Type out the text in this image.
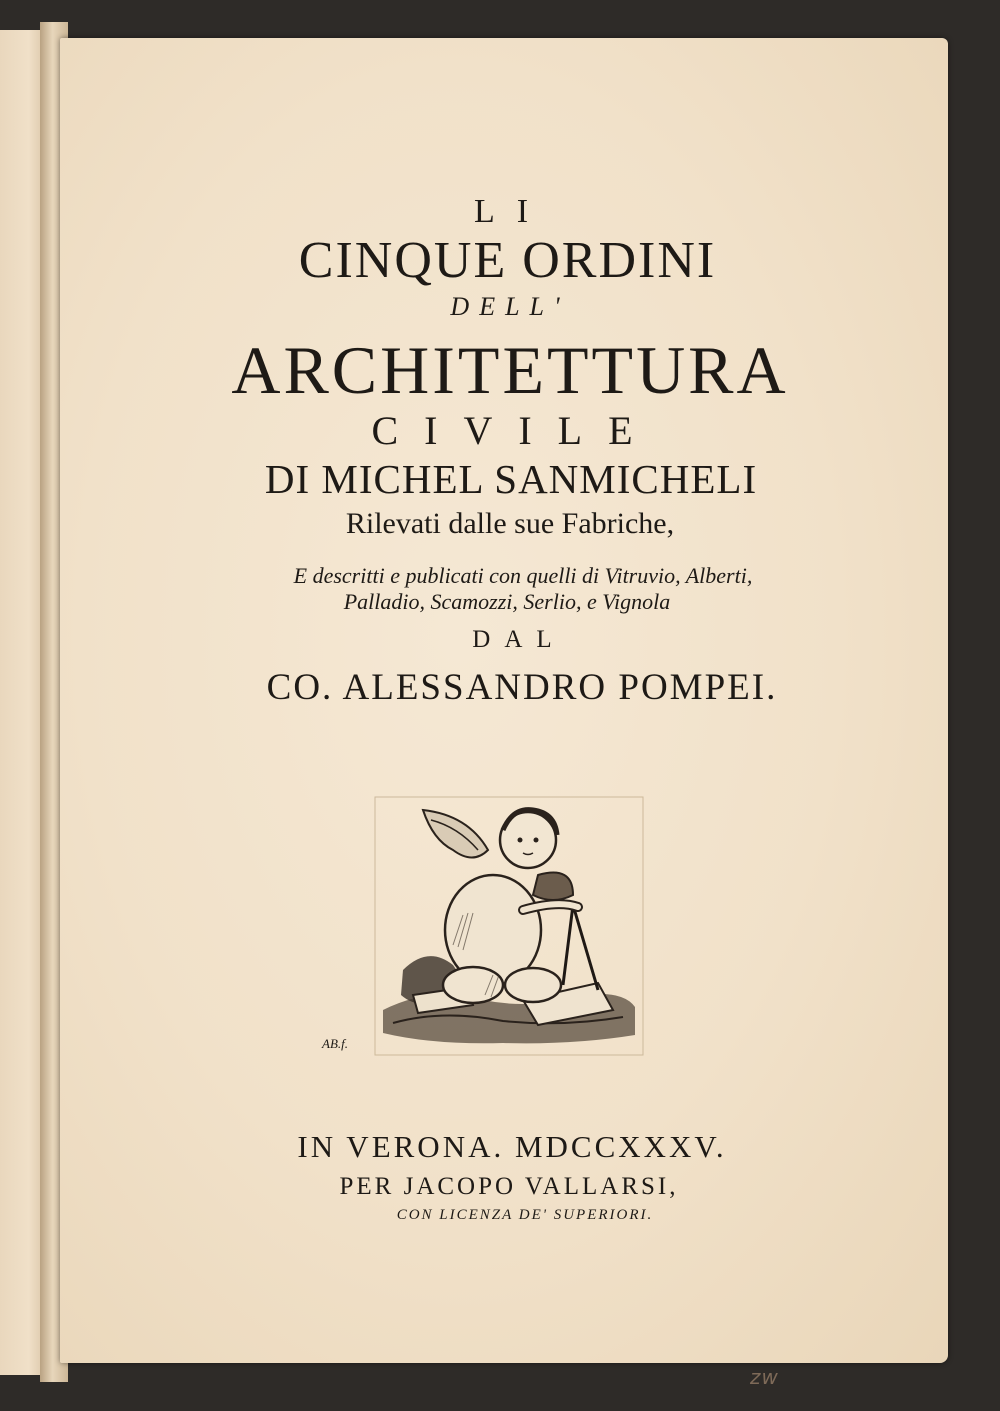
LI
CINQUE ORDINI
DELL'
ARCHITETTURA
CIVILE
DI MICHEL SANMICHELI
Rilevati dalle sue Fabriche,
E descritti e publicati con quelli di Vitruvio, Alberti,
Palladio, Scamozzi, Serlio, e Vignola
DAL
CO. ALESSANDRO POMPEI.
AB.f.
IN VERONA. MDCCXXXV.
PER JACOPO VALLARSI,
CON LICENZA DE' SUPERIORI.
zw
